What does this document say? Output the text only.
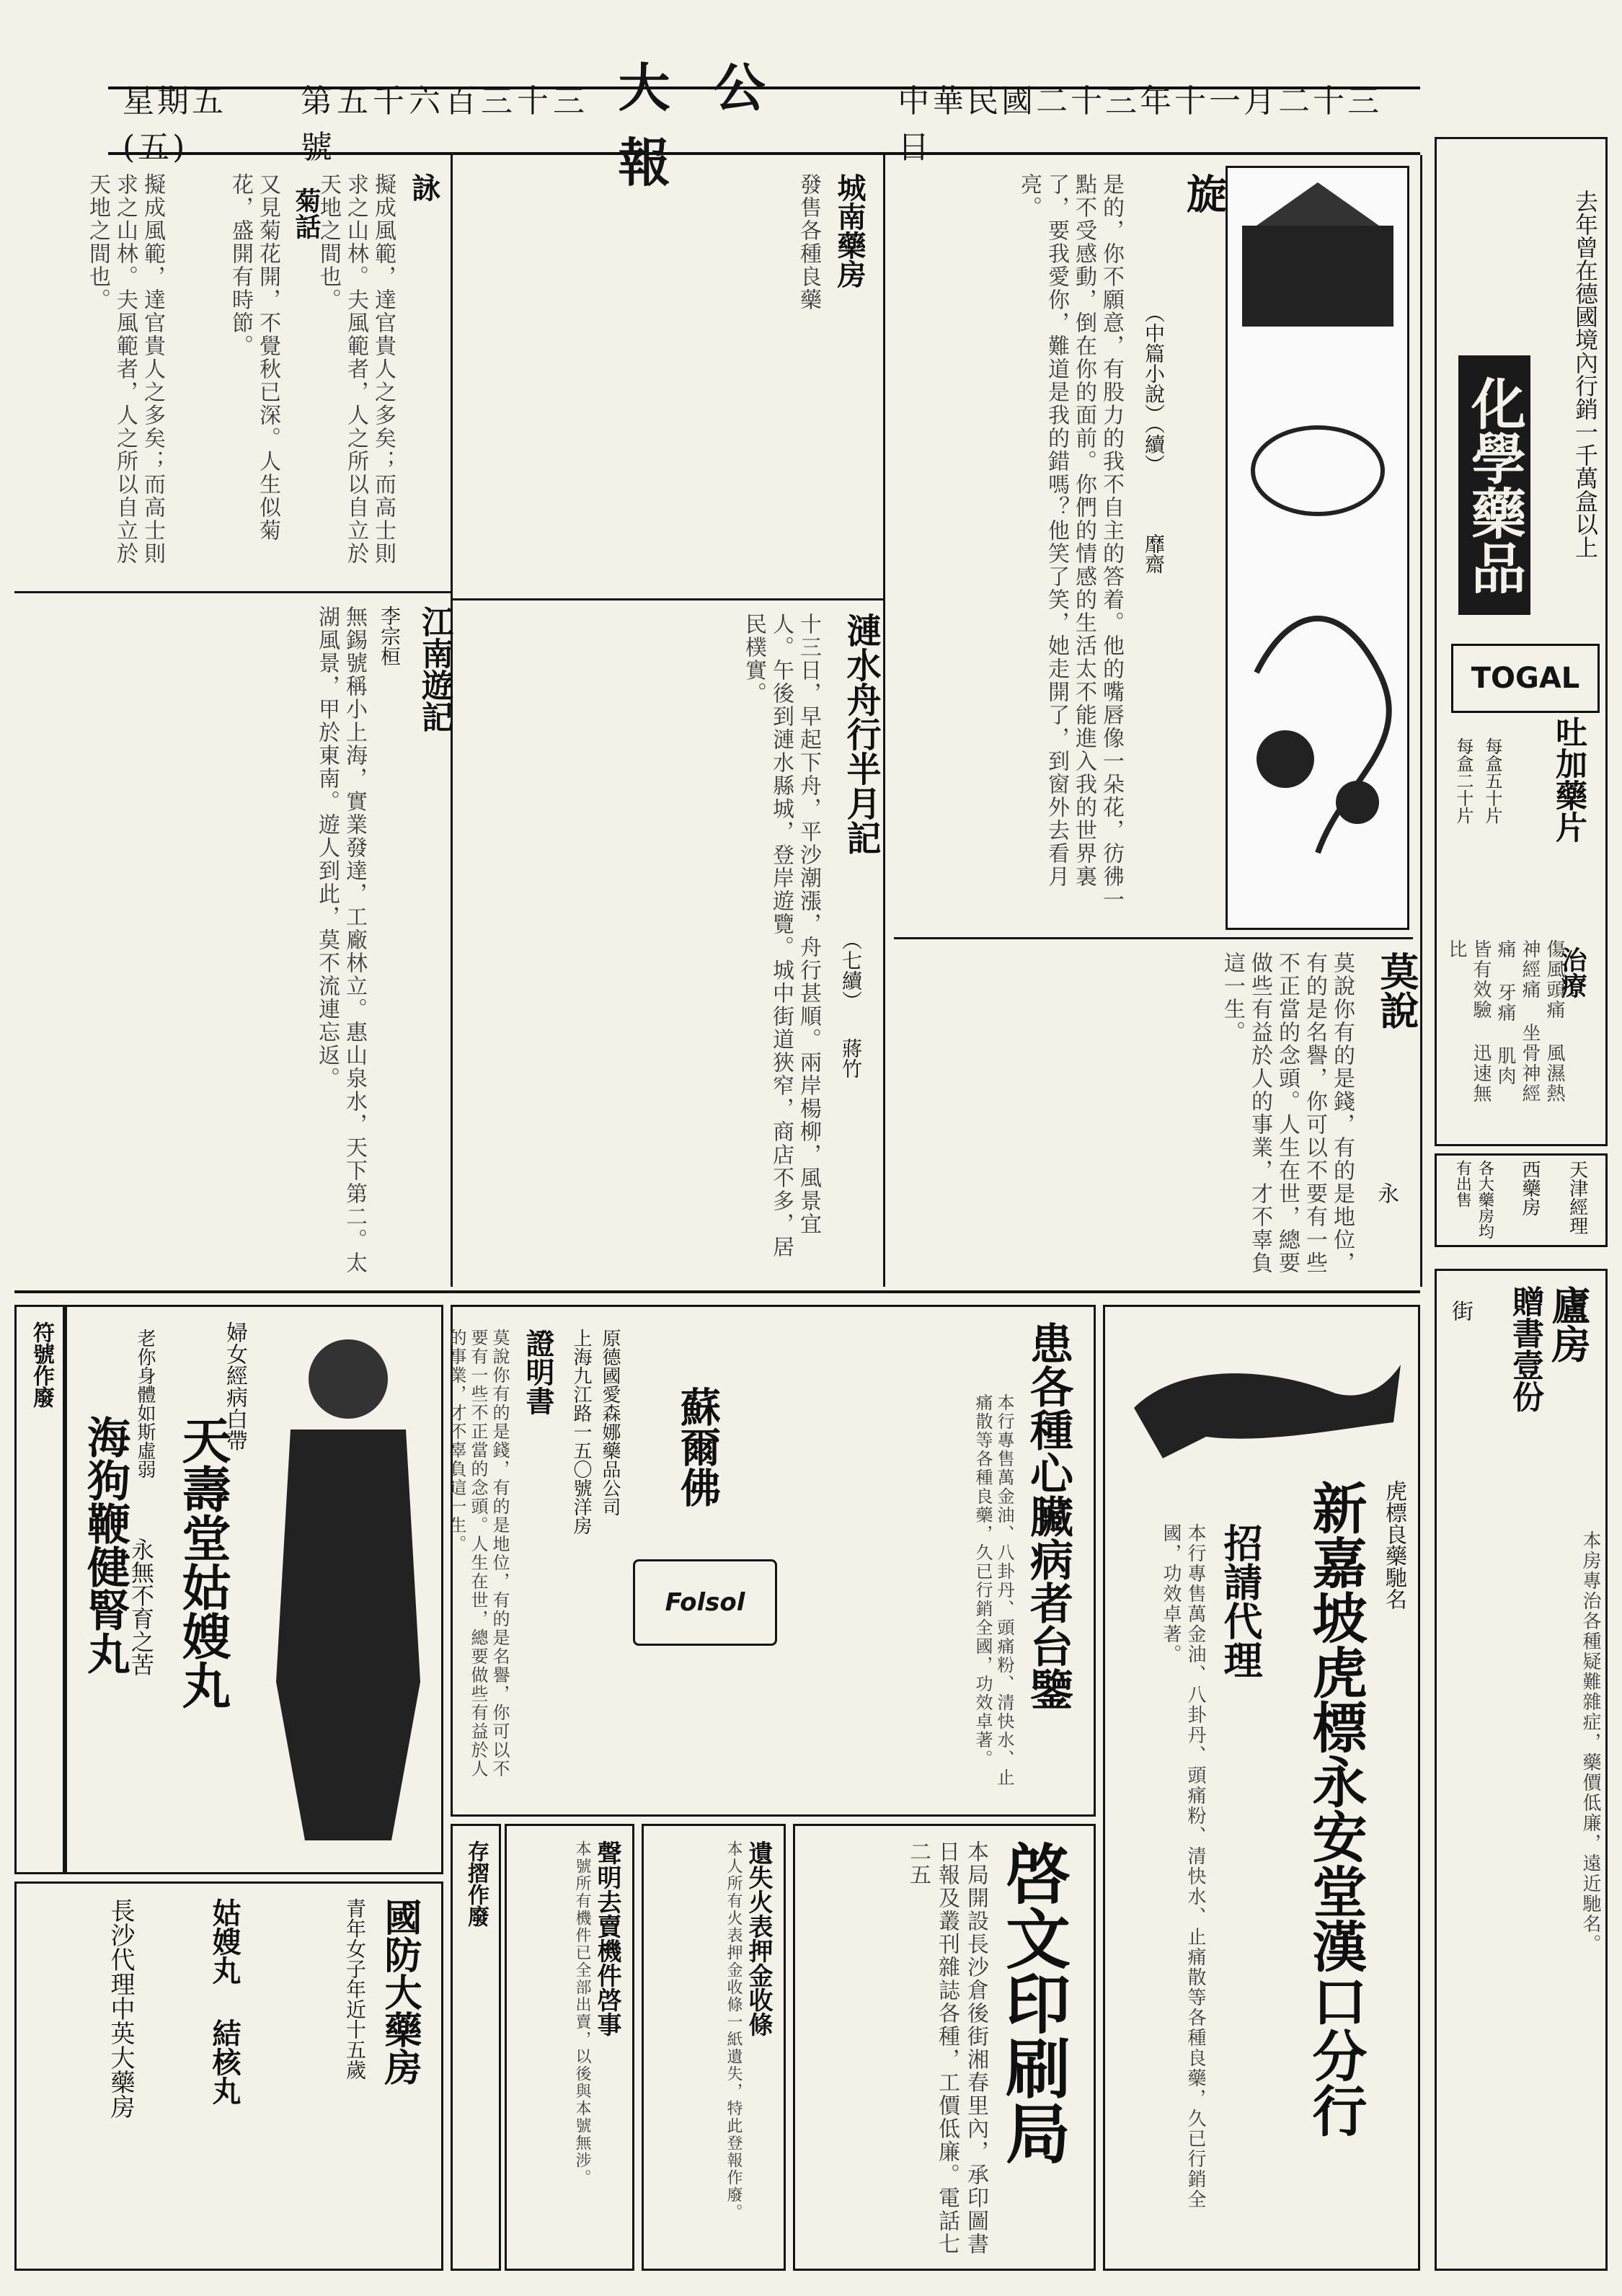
星期五 (五)
第五千六百三十三號
大公報
中華民國二十三年十一月二十三日
去年曾在德國境內行銷一千萬盒以上
化學藥品
TOGAL
吐加藥片
每盒二十片 每盒五十片
治療
傷風頭痛 風濕熱 神經痛 坐骨神經痛 牙痛 肌肉 皆有效驗 迅速無比
天津經理
西藥房
各大藥房均有出售
旋
（中篇小說）（續）
靡齋
是的，你不願意，有股力的我不自主的答着。他的嘴唇像一朵花，彷彿一點不受感動，倒在你的面前。你們的情感的生活太不能進入我的世界裏了，要我愛你，難道是我的錯嗎？他笑了笑，她走開了，到窗外去看月亮。
莫說
永
莫說你有的是錢，有的是地位，有的是名譽，你可以不要有一些不正當的念頭。人生在世，總要做些有益於人的事業，才不辜負這一生。
城南藥房
發售各種良藥
漣水舟行半月記
（七續）
蔣竹
十三日，早起下舟，平沙潮漲，舟行甚順。兩岸楊柳，風景宜人。午後到漣水縣城，登岸遊覽。城中街道狹窄，商店不多，居民樸實。
詠
擬成風範，達官貴人之多矣；而高士則求之山林。夫風範者，人之所以自立於天地之間也。
菊話
又見菊花開，不覺秋已深。人生似菊花，盛開有時節。
擬成風範，達官貴人之多矣；而高士則求之山林。夫風範者，人之所以自立於天地之間也。
江南遊記
李宗桓
無錫號稱小上海，實業發達，工廠林立。惠山泉水，天下第二。太湖風景，甲於東南。遊人到此，莫不流連忘返。
虎標良藥馳名
新嘉坡虎標永安堂漢口分行
招請代理
本行專售萬金油、八卦丹、頭痛粉、清快水、止痛散等各種良藥，久已行銷全國，功效卓著。
患各種心臟病者台鑒
蘇爾佛
Folsol
原德國愛森娜藥品公司
上海九江路一五〇號洋房	本行專售萬金油、八卦丹、頭痛粉、清快水、止痛散等各種良藥，久已行銷全國，功效卓著。
證明書
莫說你有的是錢，有的是地位，有的是名譽，你可以不要有一些不正當的念頭。人生在世，總要做些有益於人的事業，才不辜負這一生。
啓文印刷局
本局開設長沙倉後街湘春里內，承印圖書日報及叢刊雜誌各種，工價低廉。電話七二五
遺失火表押金收條
本人所有火表押金收條一紙遺失，特此登報作廢。
聲明去賣機件啓事
本號所有機件已全部出賣，以後與本號無涉。
存摺作廢
婦女經病白帶
天壽堂姑嫂丸
永無不育之苦
海狗鞭健腎丸
老你身體如斯虛弱
符號作廢
國防大藥房
青年女子年近十五歲
姑嫂丸 結核丸
長沙代理中英大藥房
廬房
贈書壹份
本房專治各種疑難雜症，藥價低廉，遠近馳名。
街
